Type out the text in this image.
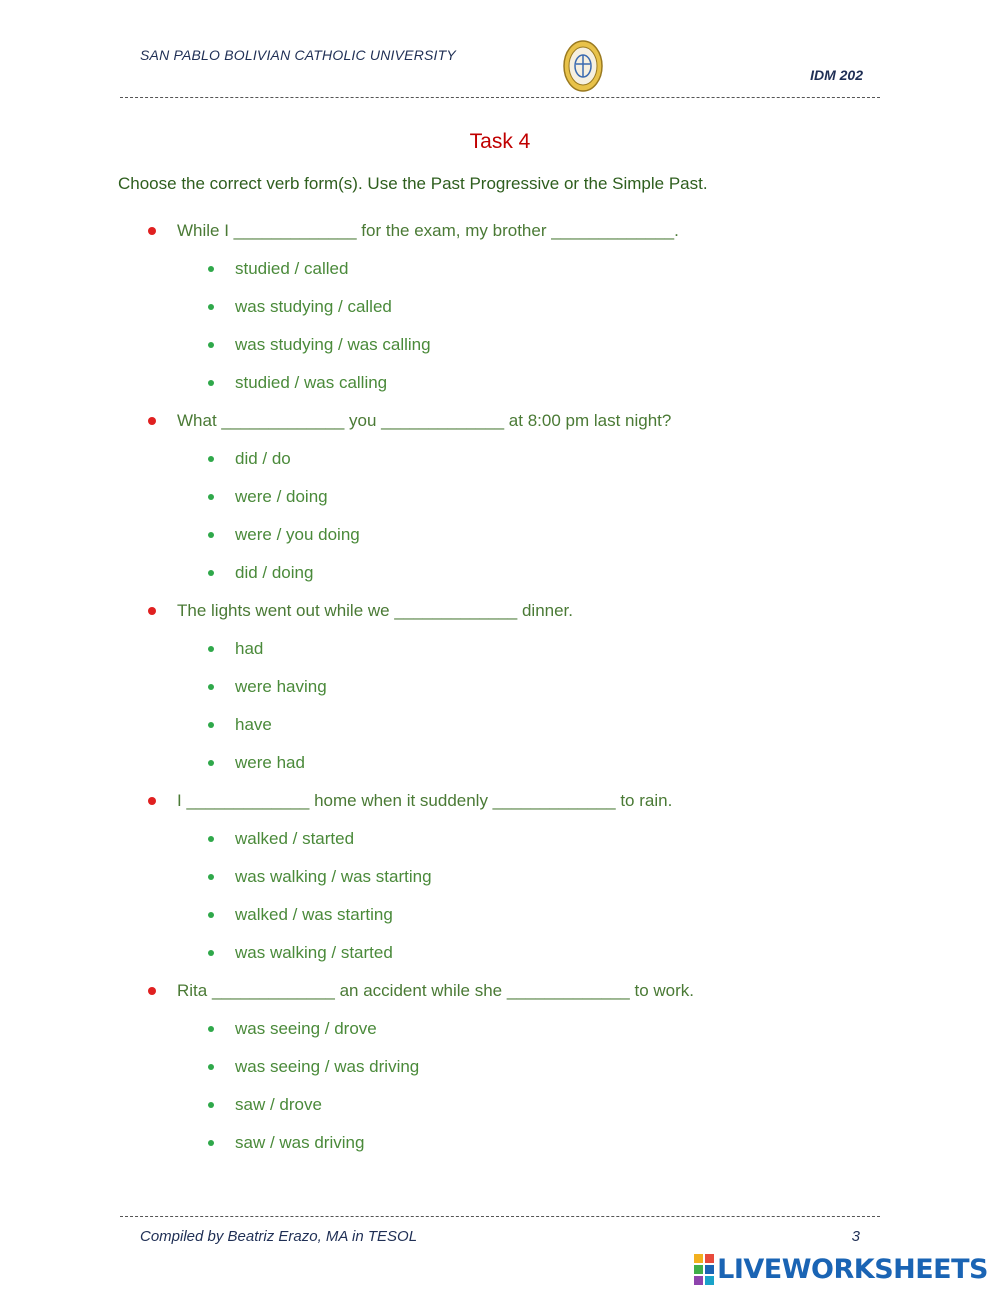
SAN PABLO BOLIVIAN CATHOLIC UNIVERSITY
IDM 202
Task 4
Choose the correct verb form(s). Use the Past Progressive or the Simple Past.
While I _____________ for the exam, my brother _____________.
studied / called
was studying / called
was studying / was calling
studied / was calling
What _____________ you _____________ at 8:00 pm last night?
did / do
were / doing
were / you doing
did / doing
The lights went out while we _____________ dinner.
had
were having
have
were had
I _____________ home when it suddenly _____________ to rain.
walked / started
was walking / was starting
walked / was starting
was walking / started
Rita _____________ an accident while she _____________ to work.
was seeing / drove
was seeing / was driving
saw / drove
saw / was driving
Compiled by Beatriz Erazo, MA in TESOL	3
LIVEWORKSHEETS
